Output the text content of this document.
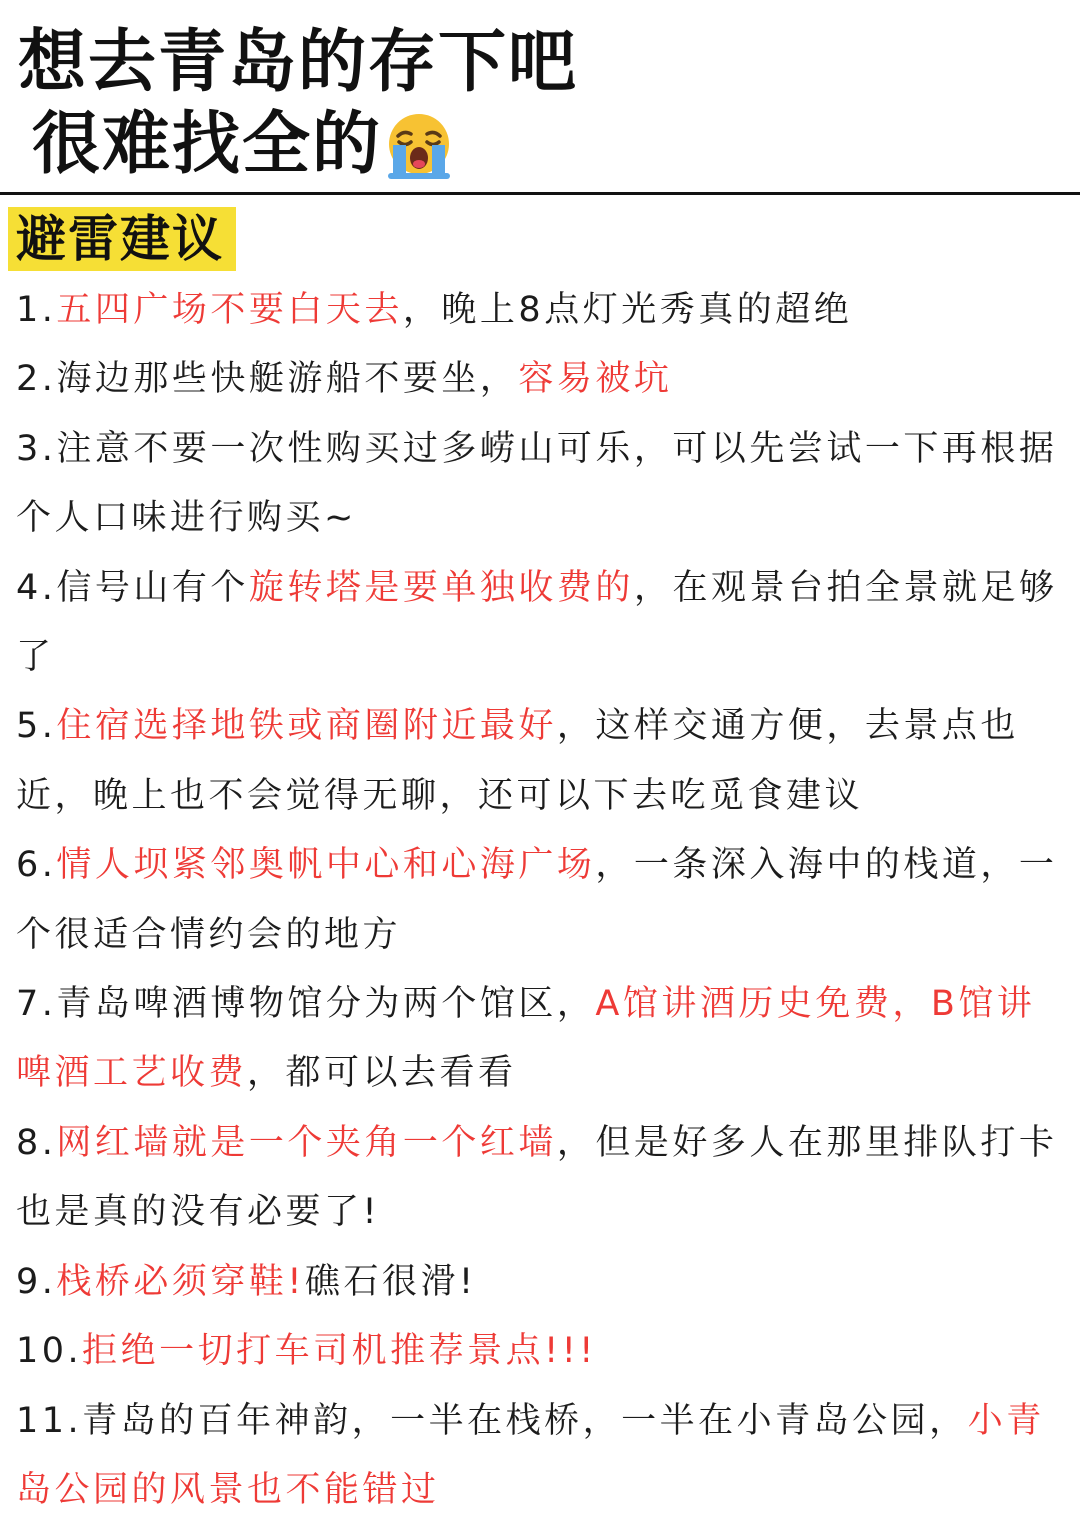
想去青岛的存下吧
很难找全的
避雷建议

1.五四广场不要白天去，晚上8点灯光秀真的超绝

2.海边那些快艇游船不要坐，容易被坑

3.注意不要一次性购买过多崂山可乐，可以先尝试一下再根据个人口味进行购买~

4.信号山有个旋转塔是要单独收费的，在观景台拍全景就足够了

5.住宿选择地铁或商圈附近最好，这样交通方便，去景点也近，晚上也不会觉得无聊，还可以下去吃觅食建议

6.情人坝紧邻奥帆中心和心海广场，一条深入海中的栈道，一个很适合情约会的地方

7.青岛啤酒博物馆分为两个馆区，A馆讲酒历史免费，B馆讲啤酒工艺收费，都可以去看看

8.网红墙就是一个夹角一个红墙，但是好多人在那里排队打卡也是真的没有必要了!

9.栈桥必须穿鞋!礁石很滑!

10.拒绝一切打车司机推荐景点!!!

11.青岛的百年神韵，一半在栈桥，一半在小青岛公园，小青岛公园的风景也不能错过
